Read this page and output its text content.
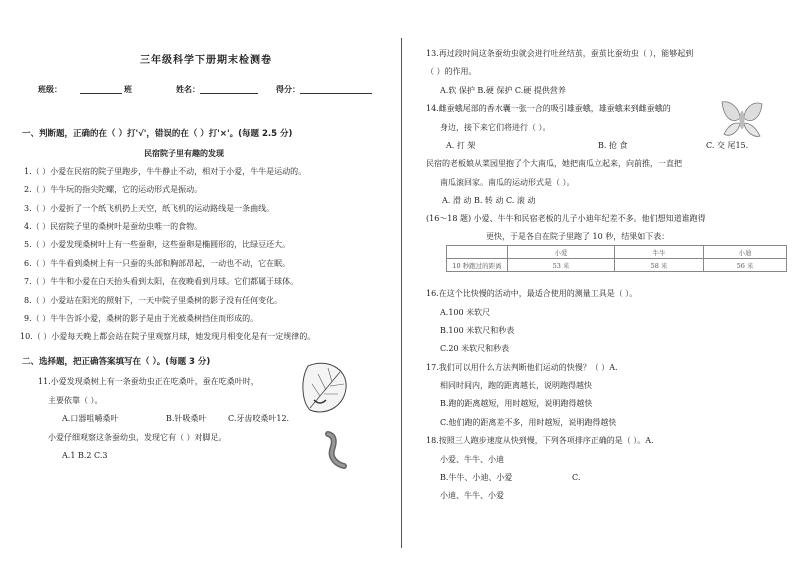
三年级科学下册期末检测卷
班级：	班	姓名：	得分：
一、判断题，正确的在（ ）打'√'，错误的在（ ）打'×'。(每题 2.5 分)
民宿院子里有趣的发现
1.（ ）小爱在民宿的院子里跑步，牛牛静止不动，相对于小爱，牛牛是运动的。
2.（ ）牛牛玩的指尖陀螺，它的运动形式是振动。
3.（ ）小爱折了一个纸飞机扔上天空，纸飞机的运动路线是一条曲线。
4.（ ）民宿院子里的桑树叶是蚕幼虫唯一的食物。
5.（ ）小爱发现桑树叶上有一些蚕卵，这些蚕卵是椭圆形的，比绿豆还大。
6.（ ）牛牛看到桑树上有一只蚕的头部和胸部昂起，一动也不动，它在眠。
7.（ ）牛牛和小爱在白天抬头看到太阳，在夜晚看到月球。它们都属于球体。
8.（ ）小爱站在阳光的照射下，一天中院子里桑树的影子没有任何变化。
9.（ ）牛牛告诉小爱，桑树的影子是由于光被桑树挡住而形成的。
10.（ ）小爱每天晚上都会站在院子里观察月球，她发现月相变化是有一定规律的。
二、选择题，把正确答案填写在（ ）。(每题 3 分)
11.小爱发现桑树上有一条蚕幼虫正在吃桑叶，蚕在吃桑叶时，
主要依靠（ ）。
A.口器咀嚼桑叶	B.针吸桑叶	C.牙齿咬桑叶12.
小爱仔细观察这条蚕幼虫，发现它有（ ）对脚足。
A.1 B.2 C.3
13.再过段时间这条蚕幼虫就会进行吐丝结茧，蚕茧比蚕幼虫（ ），能够起到
（ ）的作用。
A.软 保护 B.硬 保护 C.硬 提供营养
14.雌蚕蛾尾部的香水囊一张一合的吸引雄蚕蛾，雄蚕蛾来到雌蚕蛾的
身边，接下来它们将进行（ ）。
A. 打 架	B. 抢 食	C. 交 尾15.
民宿的老板娘从菜园里抱了个大南瓜，她把南瓜立起来，向前推，一直把
南瓜滚回家。南瓜的运动形式是（ ）。
A. 滑 动 B. 转 动 C. 滚 动
(16～18 题) 小爱、牛牛和民宿老板的儿子小迪年纪差不多。他们想知道谁跑得
更快，于是各自在院子里跑了 10 秒，结果如下表：
	小爱	牛牛	小迪
10 秒跑过的距离	53 米	58 米	56 米
16.在这个比快慢的活动中，最适合使用的测量工具是（ ）。
A.100 米软尺
B.100 米软尺和秒表
C.20 米软尺和秒表
17.我们可以用什么方法判断他们运动的快慢？（ ）A.
相同时间内，跑的距离越长，说明跑得越快
B.跑的距离越短，用时越短，说明跑得越快
C.他们跑的距离差不多，用时越短，说明跑得越快
18.按照三人跑步速度从快到慢，下列各项排序正确的是（ ）。A.
小爱、牛牛、小迪
B.牛牛、小迪、小爱	C.
小迪、牛牛、小爱
